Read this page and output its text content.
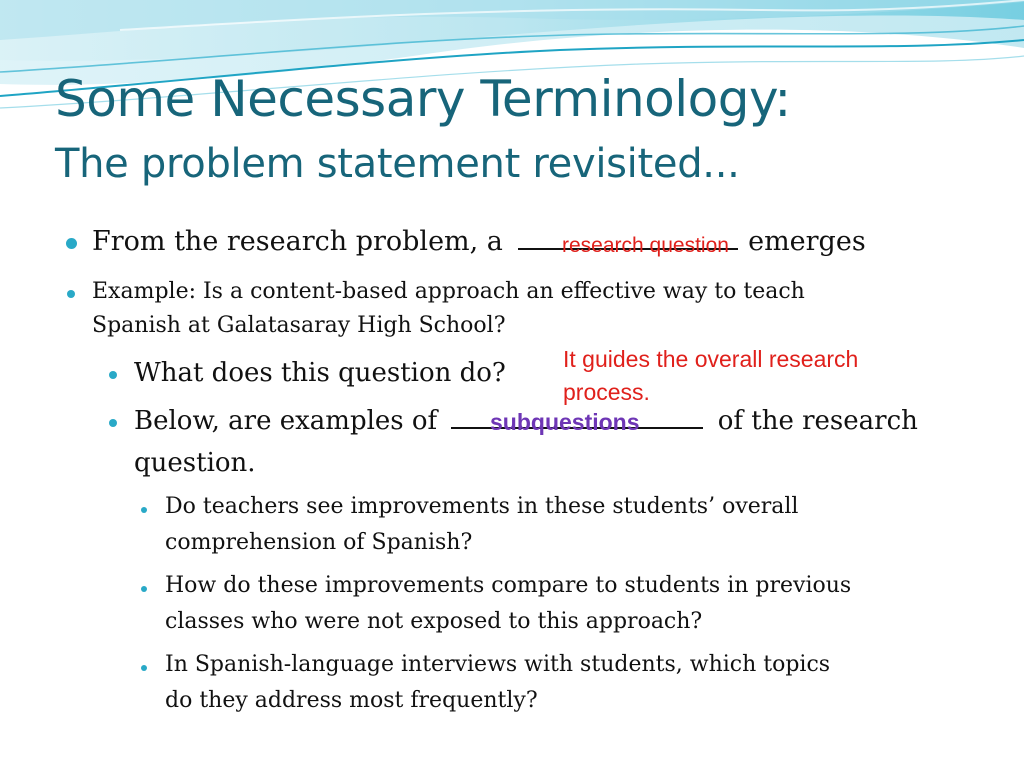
Some Necessary Terminology:
The problem statement revisited...
From the research problem, a	emerges
research question
Example: Is a content-based approach an effective way to teach
Spanish at Galatasaray High School?
What does this question do? It guides the overall research
process.
Below, are examples of	of the research
question.
subquestions
Do teachers see improvements in these students’ overall
comprehension of Spanish?
How do these improvements compare to students in previous
classes who were not exposed to this approach?
In Spanish-language interviews with students, which topics
do they address most frequently?
